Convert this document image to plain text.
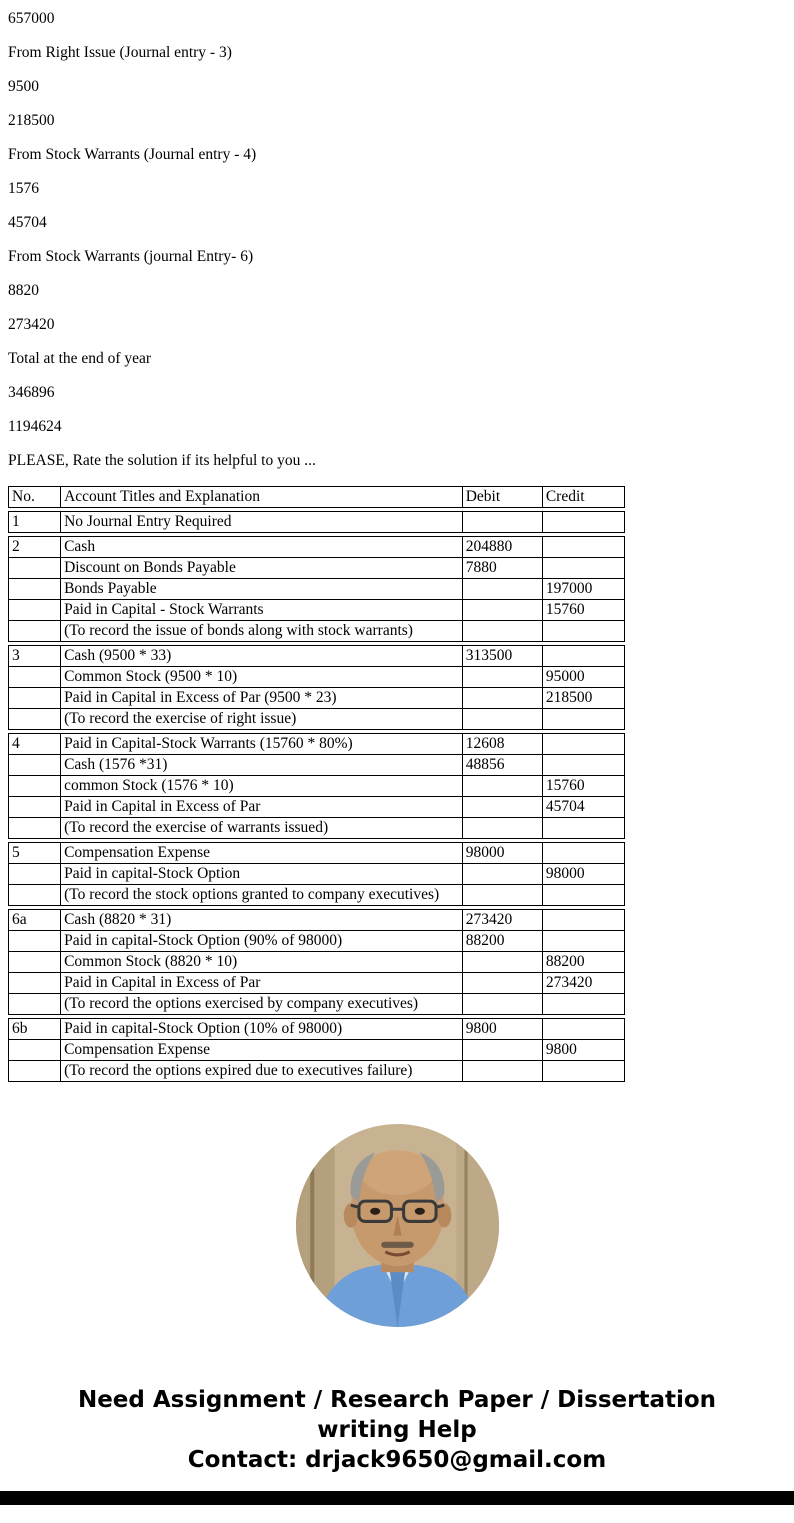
657000

From Right Issue (Journal entry - 3)

9500

218500

From Stock Warrants (Journal entry - 4)

1576

45704

From Stock Warrants (journal Entry- 6)

8820

273420

Total at the end of year

346896

1194624

PLEASE, Rate the solution if its helpful to you ...

No.	Account Titles and Explanation	Debit	Credit
1	No Journal Entry Required		
2	Cash	204880	
	Discount on Bonds Payable	7880	
	Bonds Payable		197000
	Paid in Capital - Stock Warrants		15760
	(To record the issue of bonds along with stock warrants)		
3	Cash (9500 * 33)	313500	
	Common Stock (9500 * 10)		95000
	Paid in Capital in Excess of Par (9500 * 23)		218500
	(To record the exercise of right issue)		
4	Paid in Capital-Stock Warrants (15760 * 80%)	12608	
	Cash (1576 *31)	48856	
	common Stock (1576 * 10)		15760
	Paid in Capital in Excess of Par		45704
	(To record the exercise of warrants issued)		
5	Compensation Expense	98000	
	Paid in capital-Stock Option		98000
	(To record the stock options granted to company executives)		
6a	Cash (8820 * 31)	273420	
	Paid in capital-Stock Option (90% of 98000)	88200	
	Common Stock (8820 * 10)		88200
	Paid in Capital in Excess of Par		273420
	(To record the options exercised by company executives)		
6b	Paid in capital-Stock Option (10% of 98000)	9800	
	Compensation Expense		9800
	(To record the options expired due to executives failure)		
Need Assignment / Research Paper / Dissertation
writing Help
Contact: drjack9650@gmail.com
